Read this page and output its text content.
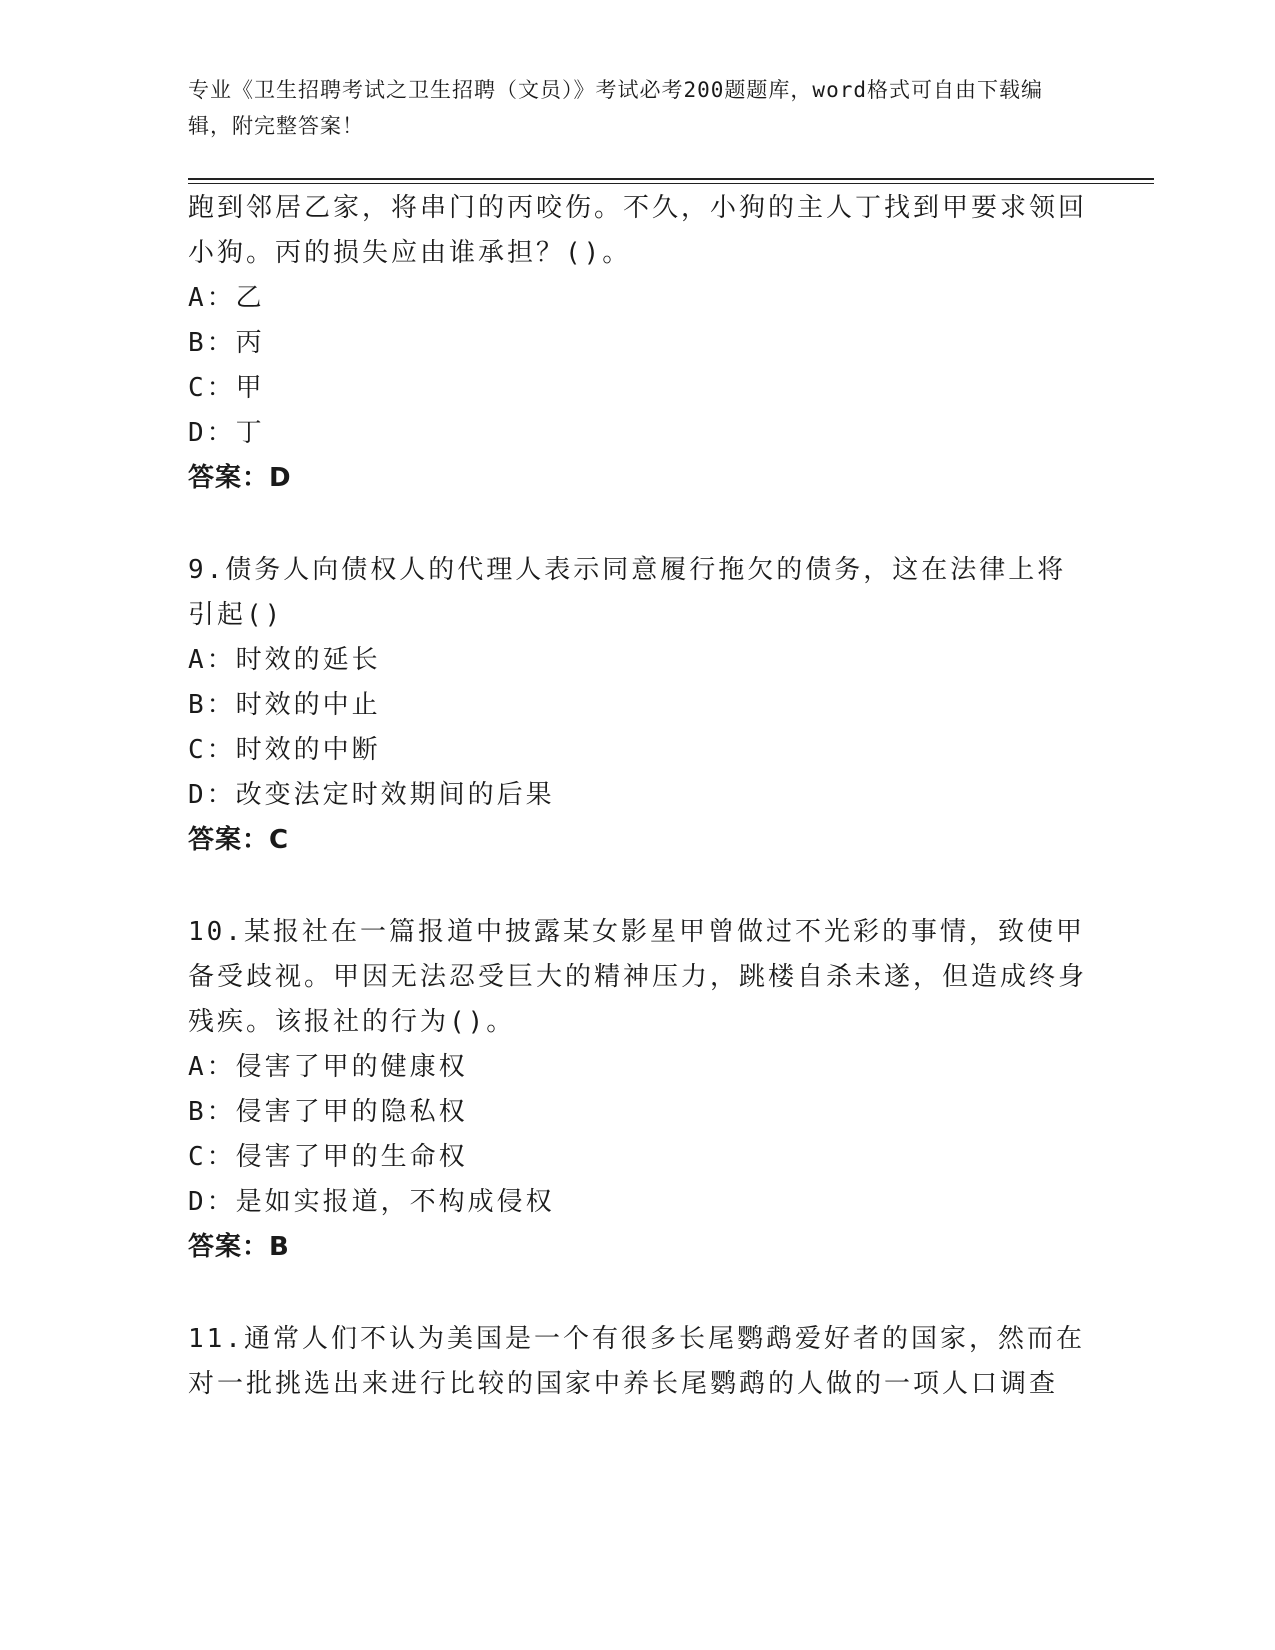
专业《卫生招聘考试之卫生招聘（文员）》考试必考200题题库，word格式可自由下载编辑，附完整答案！

跑到邻居乙家，将串门的丙咬伤。不久，小狗的主人丁找到甲要求领回小狗。丙的损失应由谁承担？()。

A：乙

B：丙

C：甲

D：丁

答案：D

9.债务人向债权人的代理人表示同意履行拖欠的债务，这在法律上将引起()

A：时效的延长

B：时效的中止

C：时效的中断

D：改变法定时效期间的后果

答案：C

10.某报社在一篇报道中披露某女影星甲曾做过不光彩的事情，致使甲备受歧视。甲因无法忍受巨大的精神压力，跳楼自杀未遂，但造成终身残疾。该报社的行为()。

A：侵害了甲的健康权

B：侵害了甲的隐私权

C：侵害了甲的生命权

D：是如实报道，不构成侵权

答案：B

11.通常人们不认为美国是一个有很多长尾鹦鹉爱好者的国家，然而在对一批挑选出来进行比较的国家中养长尾鹦鹉的人做的一项人口调查
